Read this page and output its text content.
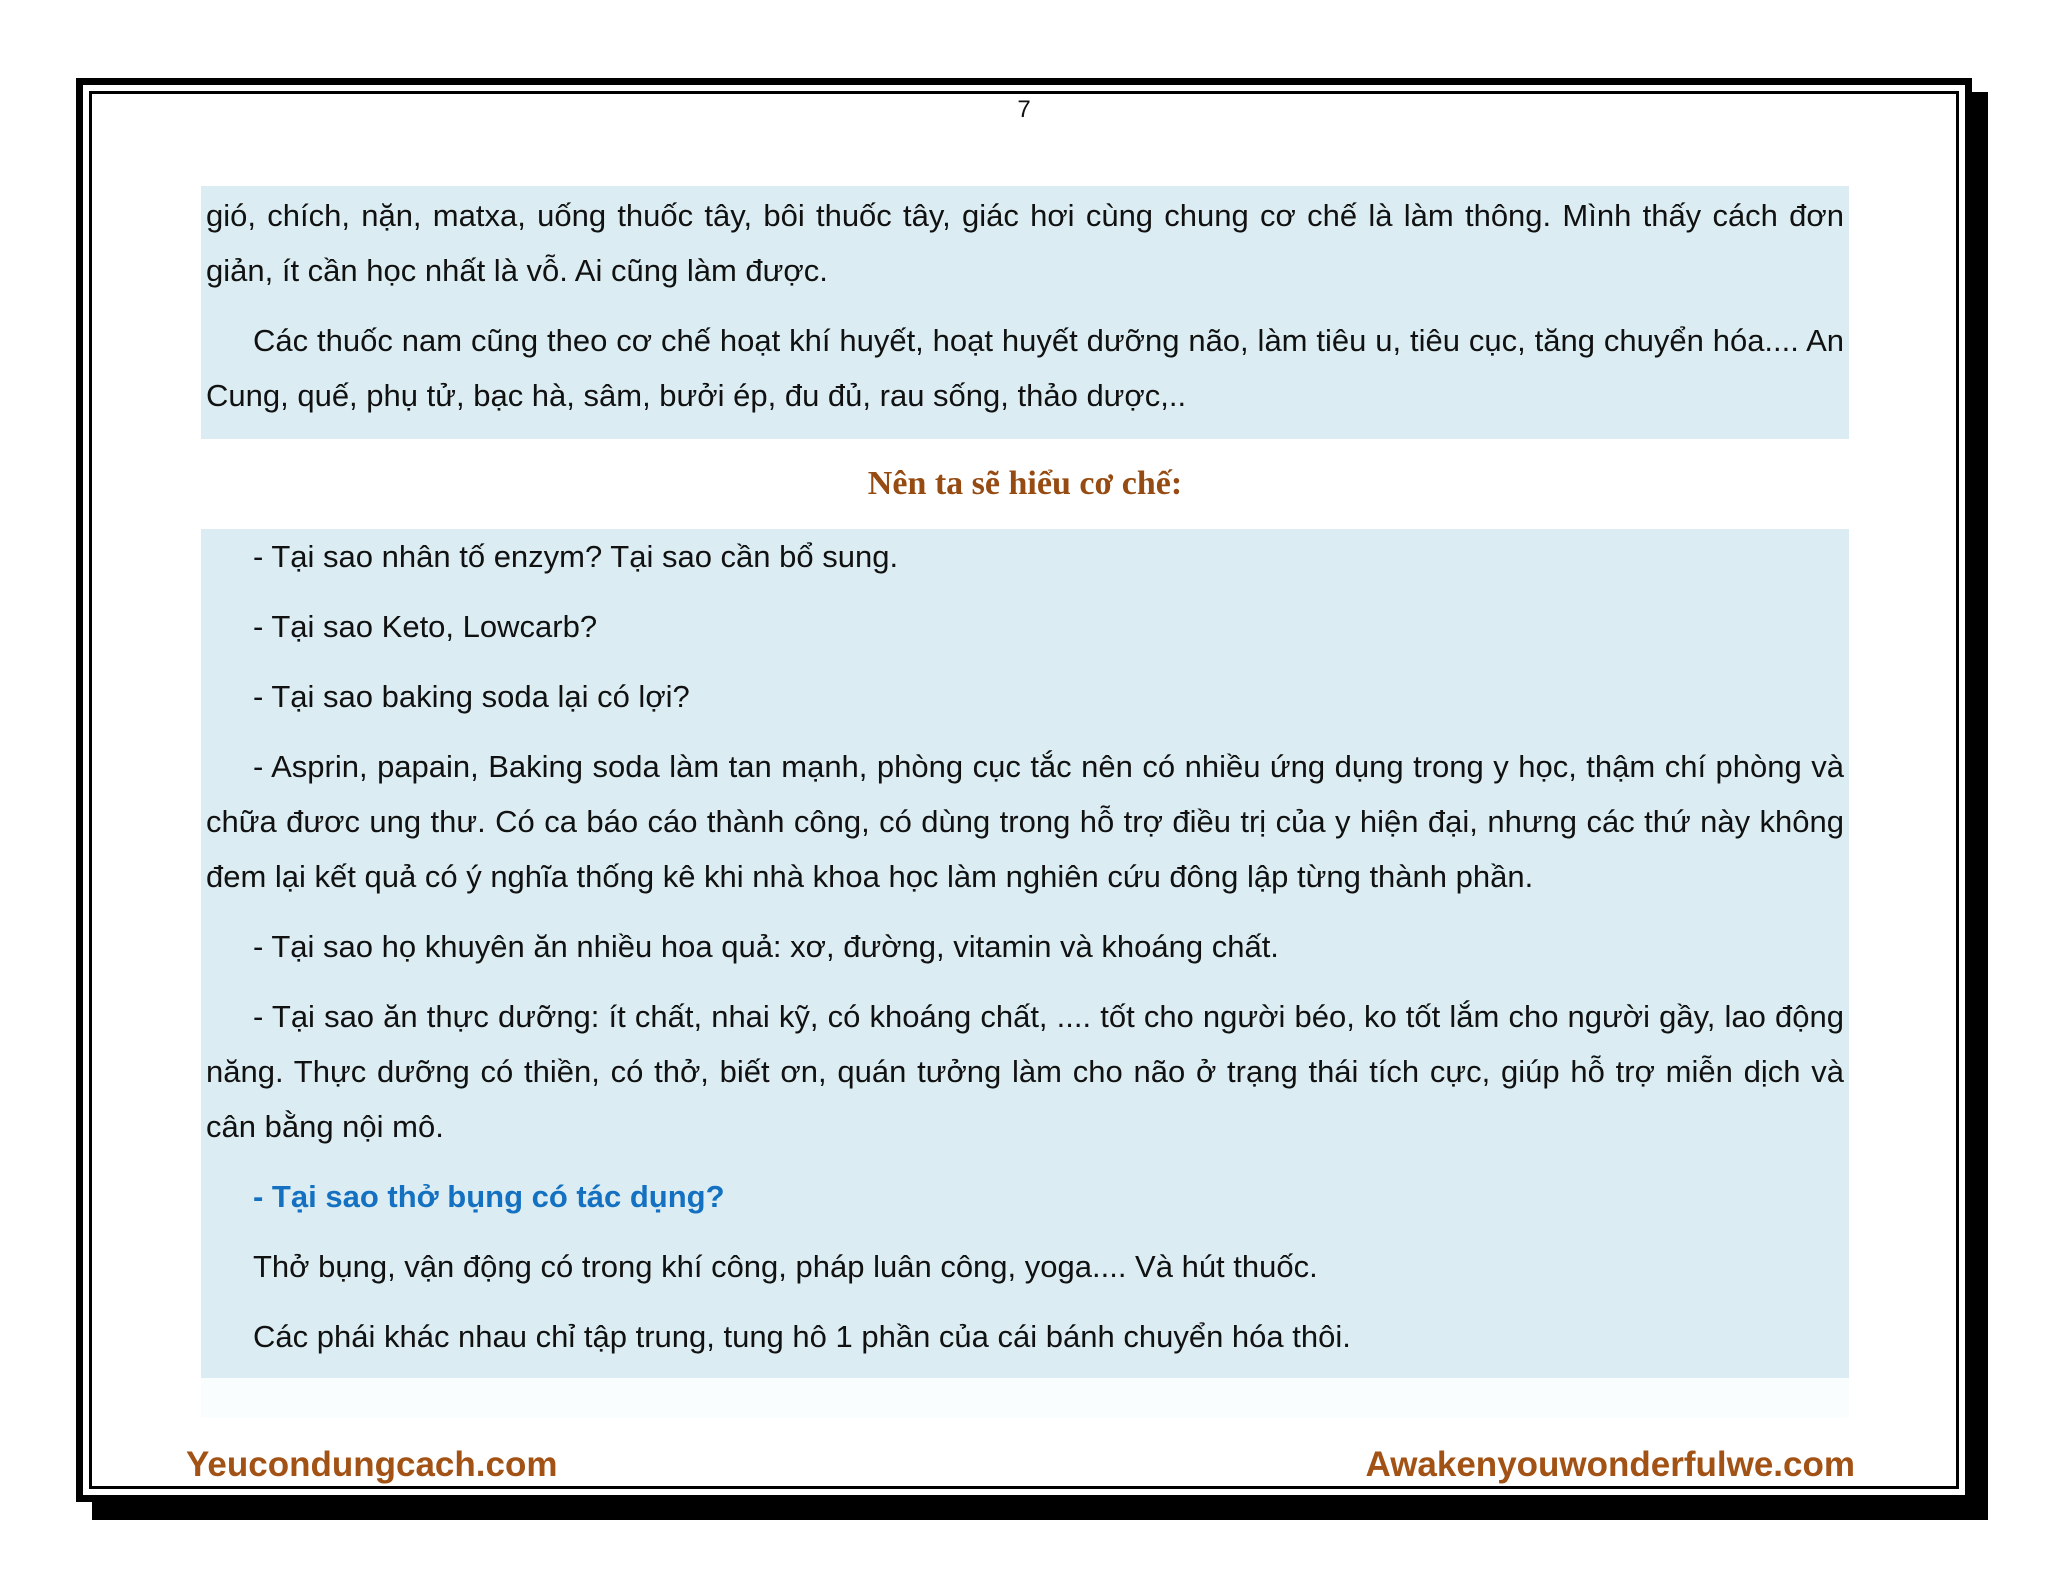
7

gió, chích, nặn, matxa, uống thuốc tây, bôi thuốc tây, giác hơi cùng chung cơ chế là làm thông. Mình thấy cách đơn giản, ít cần học nhất là vỗ. Ai cũng làm được.

Các thuốc nam cũng theo cơ chế hoạt khí huyết, hoạt huyết dưỡng não, làm tiêu u, tiêu cục, tăng chuyển hóa.... An Cung, quế, phụ tử, bạc hà, sâm, bưởi ép, đu đủ, rau sống, thảo dược,..

Nên ta sẽ hiểu cơ chế:

- Tại sao nhân tố enzym? Tại sao cần bổ sung.

- Tại sao Keto, Lowcarb?

- Tại sao baking soda lại có lợi?

- Asprin, papain, Baking soda làm tan mạnh, phòng cục tắc nên có nhiều ứng dụng trong y học, thậm chí phòng và chữa đươc ung thư. Có ca báo cáo thành công, có dùng trong hỗ trợ điều trị của y hiện đại, nhưng các thứ này không đem lại kết quả có ý nghĩa thống kê khi nhà khoa học làm nghiên cứu đông lập từng thành phần.

- Tại sao họ khuyên ăn nhiều hoa quả: xơ, đường, vitamin và khoáng chất.

- Tại sao ăn thực dưỡng: ít chất, nhai kỹ, có khoáng chất, .... tốt cho người béo, ko tốt lắm cho người gầy, lao động năng. Thực dưỡng có thiền, có thở, biết ơn, quán tưởng làm cho não ở trạng thái tích cực, giúp hỗ trợ miễn dịch và cân bằng nội mô.

- Tại sao thở bụng có tác dụng?

Thở bụng, vận động có trong khí công, pháp luân công, yoga.... Và hút thuốc.

Các phái khác nhau chỉ tập trung, tung hô 1 phần của cái bánh chuyển hóa thôi.

Yeucondungcach.com	Awakenyouwonderfulwe.com
